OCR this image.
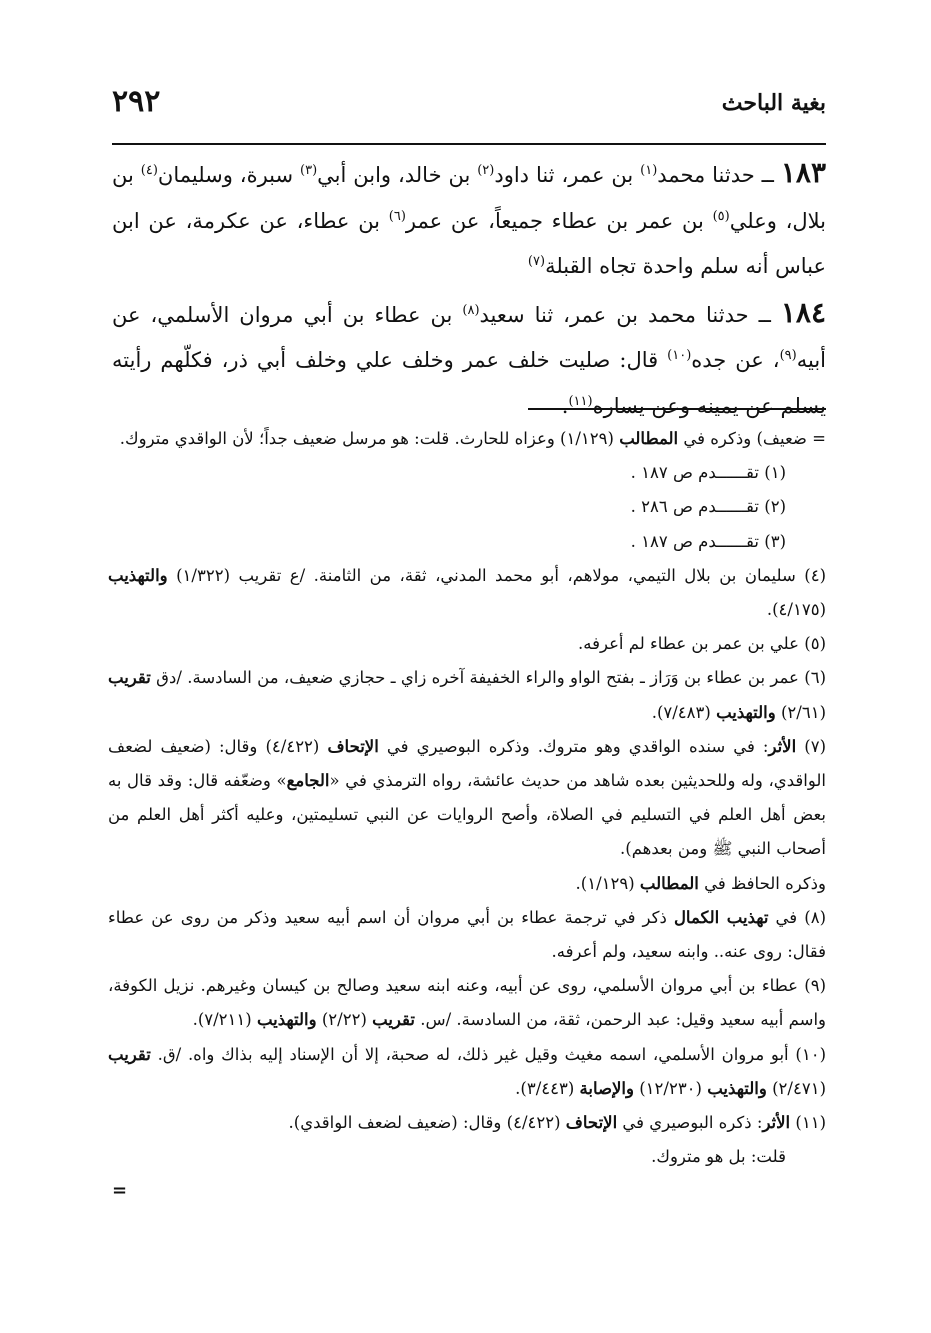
بغية الباحث
٢٩٢

١٨٣ ــ حدثنا محمد$^{(١)}$ بن عمر، ثنا داود$^{(٢)}$ بن خالد، وابن أبي$^{(٣)}$ سبرة، وسليمان$^{(٤)}$ بن بلال، وعلي$^{(٥)}$ بن عمر بن عطاء جميعاً، عن عمر$^{(٦)}$ بن عطاء، عن عكرمة، عن ابن عباس أنه سلم واحدة تجاه القبلة$^{(٧)}$

١٨٤ ــ حدثنا محمد بن عمر، ثنا سعيد$^{(٨)}$ بن عطاء بن أبي مروان الأسلمي، عن أبيه$^{(٩)}$، عن جده$^{(١٠)}$ قال: صليت خلف عمر وخلف علي وخلف أبي ذر، فكلّهم رأيته يسلم عن يمينه وعن يساره$^{(١١)}$.

= ضعيف) وذكره في المطالب (١/١٢٩) وعزاه للحارث. قلت: هو مرسل ضعيف جداً؛ لأن الواقدي متروك.

(١) تقــــــدم ص ١٨٧ .

(٢) تقــــــدم ص ٢٨٦ .

(٣) تقــــــدم ص ١٨٧ .

(٤) سليمان بن بلال التيمي، مولاهم، أبو محمد المدني، ثقة، من الثامنة. /ع تقريب (١/٣٢٢) والتهذيب (٤/١٧٥).

(٥) علي بن عمر بن عطاء لم أعرفه.

(٦) عمر بن عطاء بن وَرَاز ـ بفتح الواو والراء الخفيفة آخره زاي ـ حجازي ضعيف، من السادسة. /دق تقريب (٢/٦١) والتهذيب (٧/٤٨٣).

(٧) الأثر: في سنده الواقدي وهو متروك. وذكره البوصيري في الإتحاف (٤/٤٢٢) وقال: (ضعيف لضعف الواقدي، وله وللحديثين بعده شاهد من حديث عائشة، رواه الترمذي في «الجامع» وضعّفه قال: وقد قال به بعض أهل العلم في التسليم في الصلاة، وأصح الروايات عن النبي تسليمتين، وعليه أكثر أهل العلم من أصحاب النبي ﷺ ومن بعدهم).

وذكره الحافظ في المطالب (١/١٢٩).

(٨) في تهذيب الكمال ذكر في ترجمة عطاء بن أبي مروان أن اسم أبيه سعيد وذكر من روى عن عطاء فقال: روى عنه.. وابنه سعيد، ولم أعرفه.

(٩) عطاء بن أبي مروان الأسلمي، روى عن أبيه، وعنه ابنه سعيد وصالح بن كيسان وغيرهم. نزيل الكوفة، واسم أبيه سعيد وقيل: عبد الرحمن، ثقة، من السادسة. /س. تقريب (٢/٢٢) والتهذيب (٧/٢١١).

(١٠) أبو مروان الأسلمي، اسمه مغيث وقيل غير ذلك، له صحبة، إلا أن الإسناد إليه بذاك واه. /ق. تقريب (٢/٤٧١) والتهذيب (١٢/٢٣٠) والإصابة (٣/٤٤٣).

(١١) الأثر: ذكره البوصيري في الإتحاف (٤/٤٢٢) وقال: (ضعيف لضعف الواقدي).

قلت: بل هو متروك.

=
